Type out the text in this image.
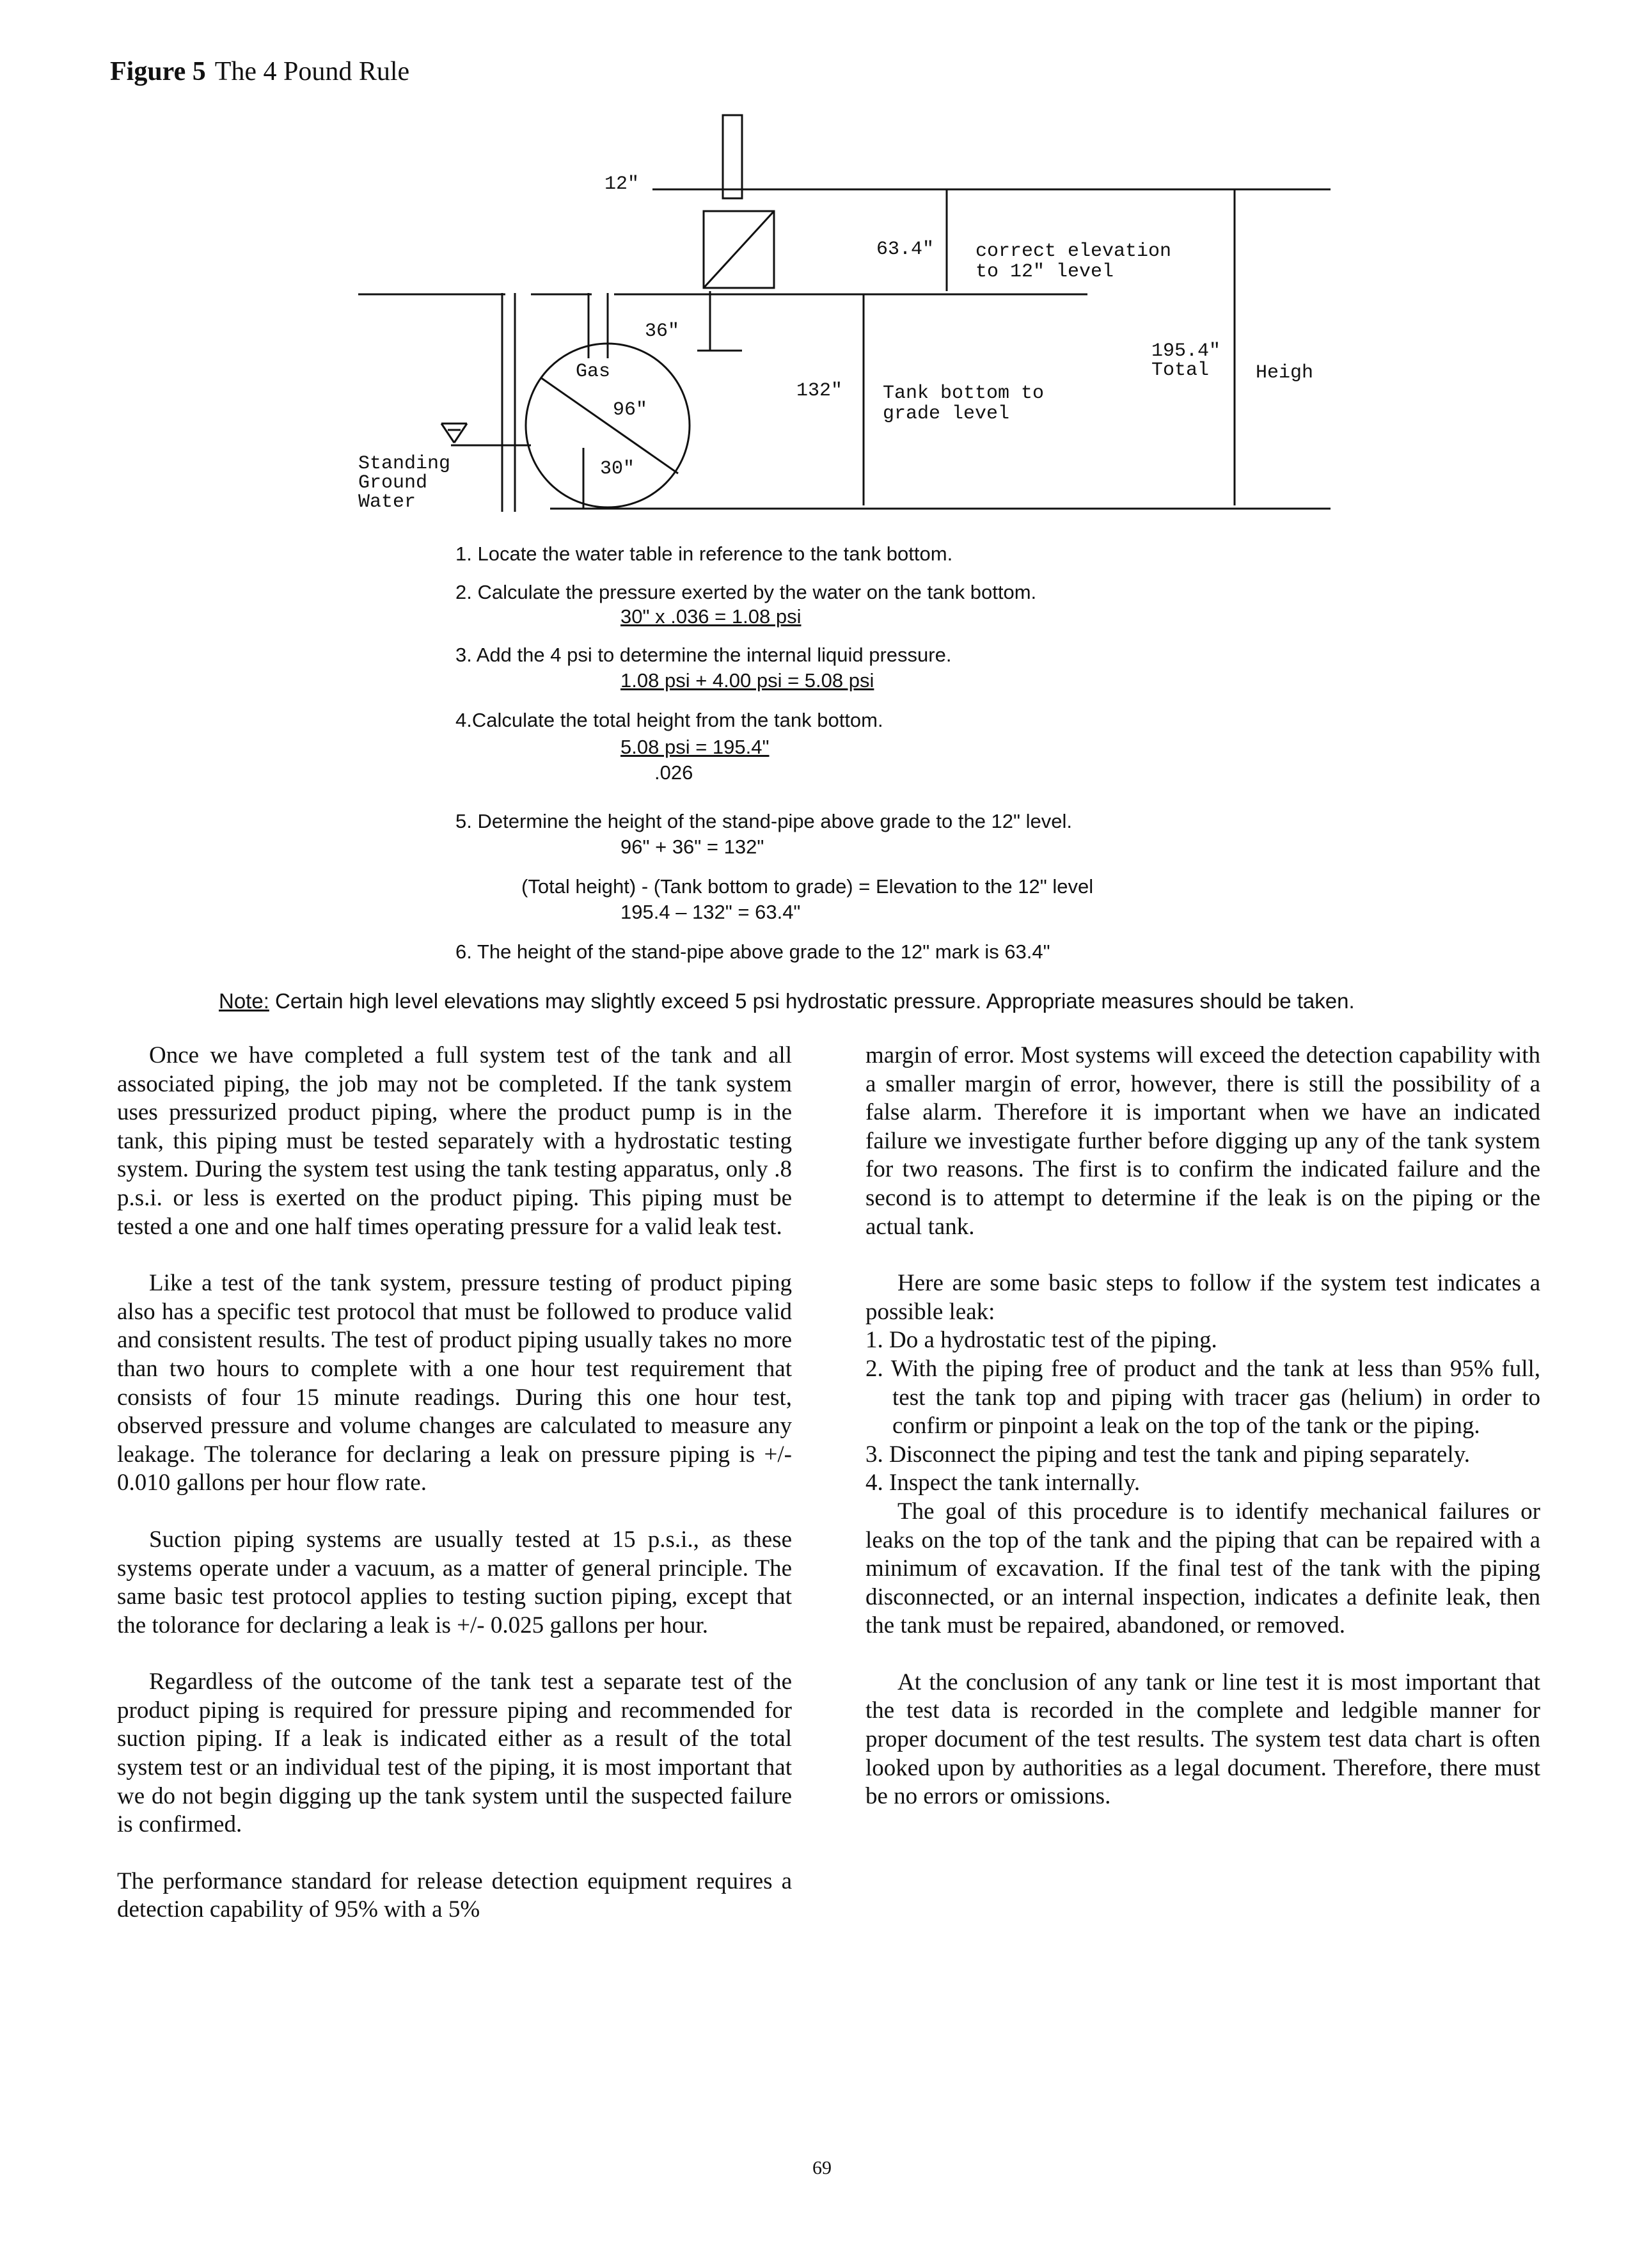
Figure 5 The 4 Pound Rule
12"
63.4" correct elevation
to 12" level
36"
Gas
96"
30"
132" Tank bottom to
grade level
195.4"
Total Heigh
Standing
Ground
Water
1. Locate the water table in reference to the tank bottom.
2. Calculate the pressure exerted by the water on the tank bottom.
30" x .036 = 1.08 psi
3. Add the 4 psi to determine the internal liquid pressure.
1.08 psi + 4.00 psi = 5.08 psi
4.Calculate the total height from the tank bottom.
5.08 psi = 195.4"
.026
5. Determine the height of the stand-pipe above grade to the 12" level.
96" + 36" = 132"
(Total height) - (Tank bottom to grade) = Elevation to the 12" level
195.4 – 132" = 63.4"
6. The height of the stand-pipe above grade to the 12" mark is 63.4"
Note: Certain high level elevations may slightly exceed 5 psi hydrostatic pressure. Appropriate measures should be taken.

Once we have completed a full system test of the tank and all associated piping, the job may not be completed. If the tank system uses pressurized product piping, where the product pump is in the tank, this piping must be tested separately with a hydrostatic testing system. During the system test using the tank testing apparatus, only .8 p.s.i. or less is exerted on the product piping. This piping must be tested a one and one half times operating pressure for a valid leak test.

Like a test of the tank system, pressure testing of product piping also has a specific test protocol that must be followed to produce valid and consistent results. The test of product piping usually takes no more than two hours to complete with a one hour test requirement that consists of four 15 minute readings. During this one hour test, observed pressure and volume changes are calculated to measure any leakage. The tolerance for declaring a leak on pressure piping is +/- 0.010 gallons per hour flow rate.

Suction piping systems are usually tested at 15 p.s.i., as these systems operate under a vacuum, as a matter of general principle. The same basic test protocol applies to testing suction piping, except that the tolorance for declaring a leak is +/- 0.025 gallons per hour.

Regardless of the outcome of the tank test a separate test of the product piping is required for pressure piping and recommended for suction piping. If a leak is indicated either as a result of the total system test or an individual test of the piping, it is most important that we do not begin digging up the tank system until the suspected failure is confirmed.

The performance standard for release detection equipment requires a detection capability of 95% with a 5%

margin of error. Most systems will exceed the detection capability with a smaller margin of error, however, there is still the possibility of a false alarm. Therefore it is important when we have an indicated failure we investigate further before digging up any of the tank system for two reasons. The first is to confirm the indicated failure and the second is to attempt to determine if the leak is on the piping or the actual tank.

Here are some basic steps to follow if the system test indicates a possible leak:

1. Do a hydrostatic test of the piping.
2. With the piping free of product and the tank at less than 95% full, test the tank top and piping with tracer gas (helium) in order to confirm or pinpoint a leak on the top of the tank or the piping.
3. Disconnect the piping and test the tank and piping separately.
4. Inspect the tank internally.

The goal of this procedure is to identify mechanical failures or leaks on the top of the tank and the piping that can be repaired with a minimum of excavation. If the final test of the tank with the piping disconnected, or an internal inspection, indicates a definite leak, then the tank must be repaired, abandoned, or removed.

At the conclusion of any tank or line test it is most important that the test data is recorded in the complete and ledgible manner for proper document of the test results. The system test data chart is often looked upon by authorities as a legal document. Therefore, there must be no errors or omissions.

69
